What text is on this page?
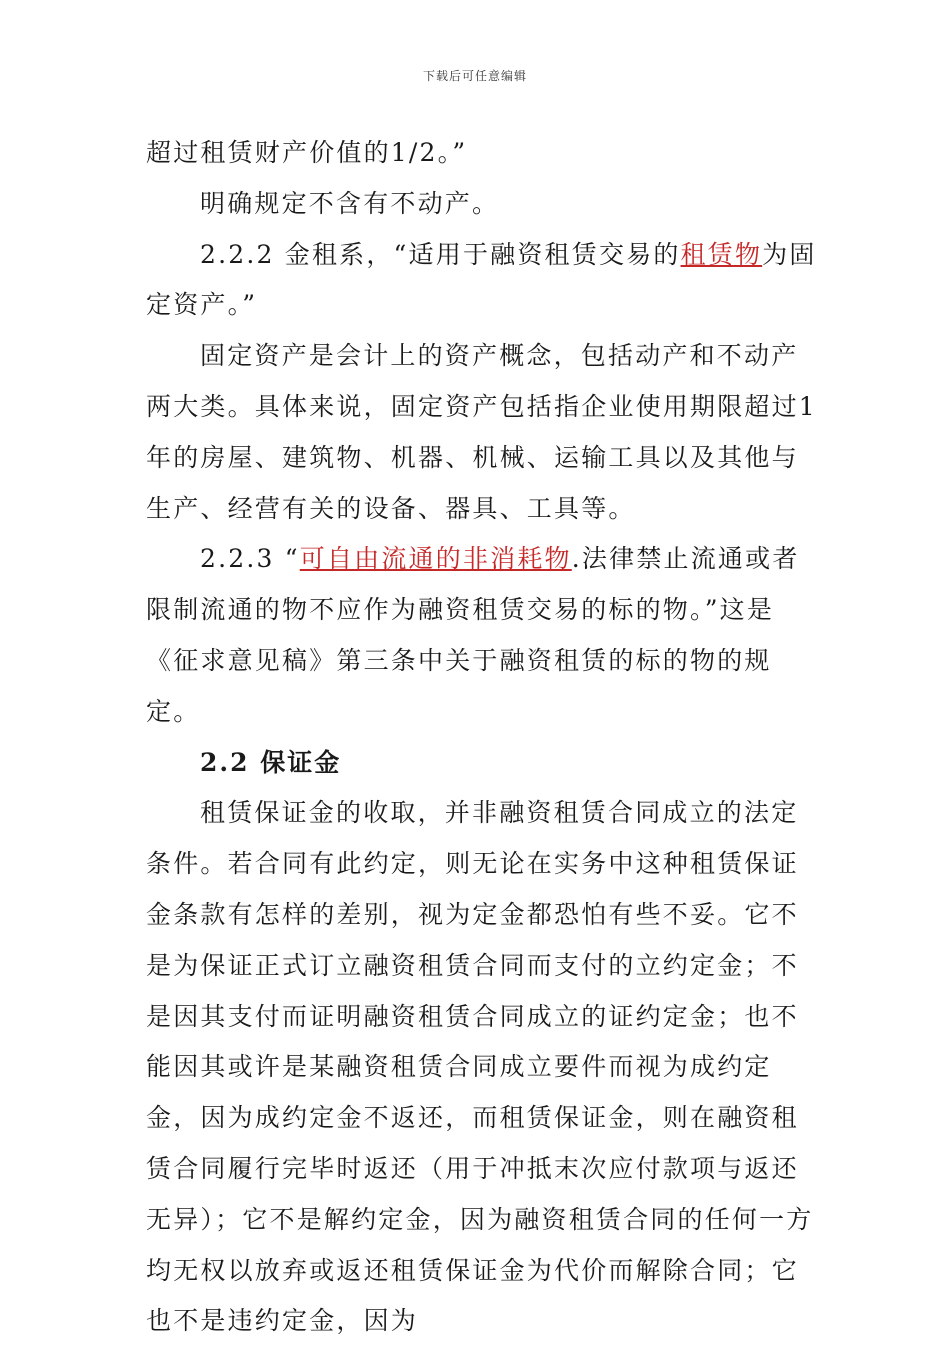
下载后可任意编辑

超过租赁财产价值的1/2。”

明确规定不含有不动产。

2.2.2 金租系，“适用于融资租赁交易的租赁物为固定资产。”

固定资产是会计上的资产概念，包括动产和不动产两大类。具体来说，固定资产包括指企业使用期限超过1年的房屋、建筑物、机器、机械、运输工具以及其他与生产、经营有关的设备、器具、工具等。

2.2.3 “可自由流通的非消耗物.法律禁止流通或者限制流通的物不应作为融资租赁交易的标的物。”这是《征求意见稿》第三条中关于融资租赁的标的物的规定。

2.2 保证金

租赁保证金的收取，并非融资租赁合同成立的法定条件。若合同有此约定，则无论在实务中这种租赁保证金条款有怎样的差别，视为定金都恐怕有些不妥。它不是为保证正式订立融资租赁合同而支付的立约定金；不是因其支付而证明融资租赁合同成立的证约定金；也不能因其或许是某融资租赁合同成立要件而视为成约定金，因为成约定金不返还，而租赁保证金，则在融资租赁合同履行完毕时返还（用于冲抵末次应付款项与返还无异）；它不是解约定金，因为融资租赁合同的任何一方均无权以放弃或返还租赁保证金为代价而解除合同；它也不是违约定金，因为
